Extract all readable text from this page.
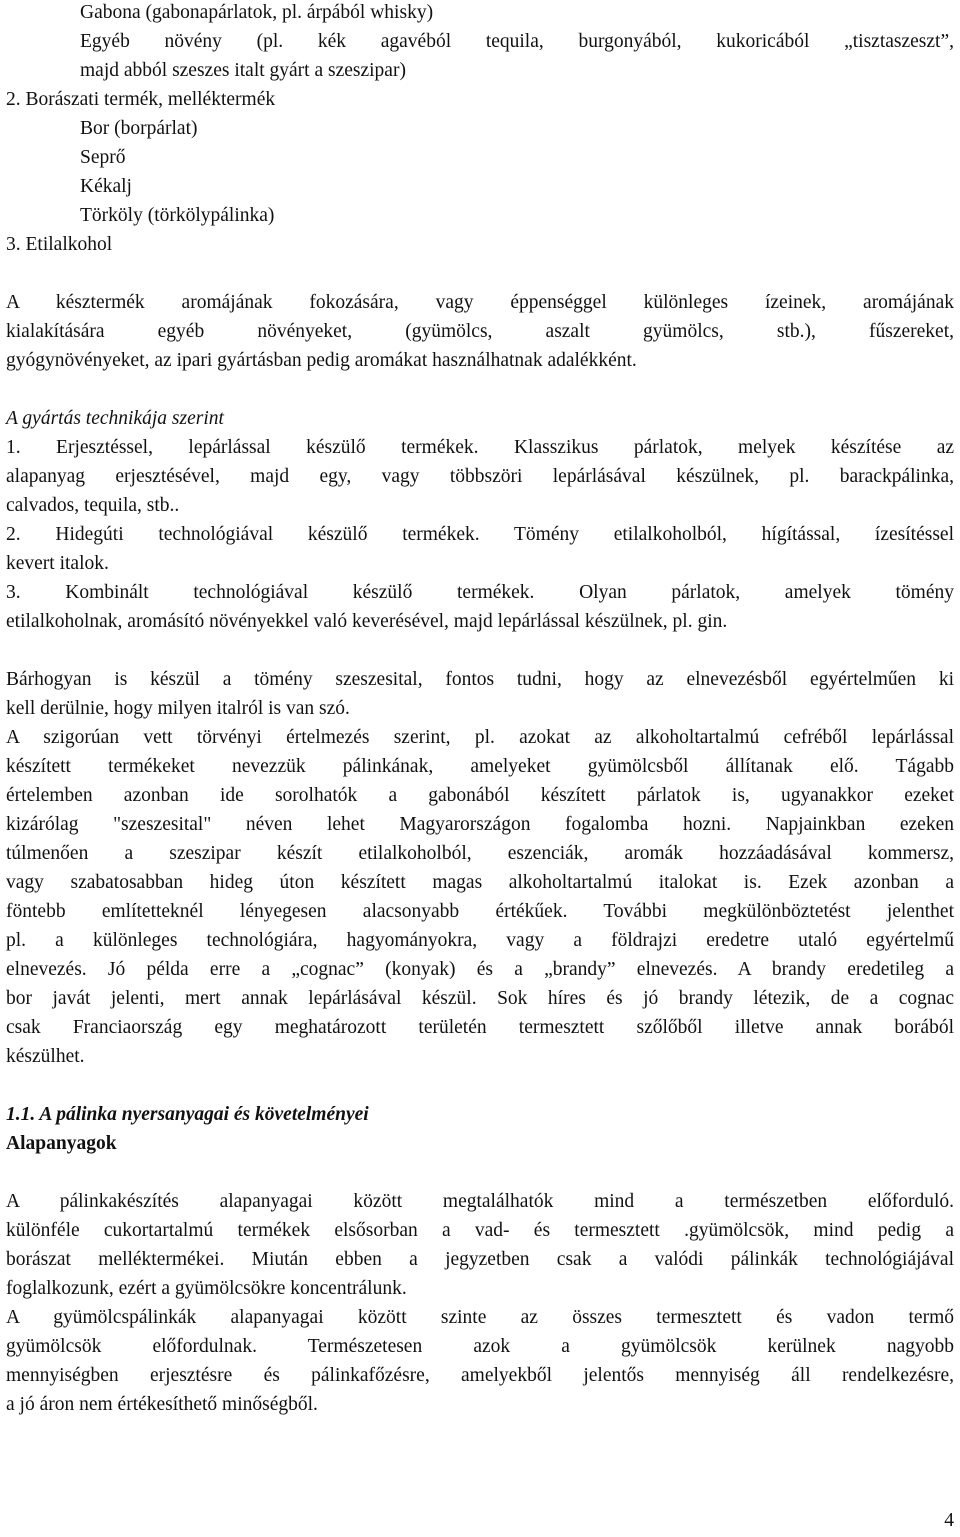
Gabona (gabonapárlatok, pl. árpából whisky)
Egyéb növény (pl. kék agavéból tequila, burgonyából, kukoricából „tisztaszeszt”,
majd abból szeszes italt gyárt a szeszipar)
2. Borászati termék, melléktermék
Bor (borpárlat)
Seprő
Kékalj
Törköly (törkölypálinka)
3. Etilalkohol
A késztermék aromájának fokozására, vagy éppenséggel különleges ízeinek, aromájának
kialakítására egyéb növényeket, (gyümölcs, aszalt gyümölcs, stb.), fűszereket,
gyógynövényeket, az ipari gyártásban pedig aromákat használhatnak adalékként.
A gyártás technikája szerint
1. Erjesztéssel, lepárlással készülő termékek. Klasszikus párlatok, melyek készítése az
alapanyag erjesztésével, majd egy, vagy többszöri lepárlásával készülnek, pl. barackpálinka,
calvados, tequila, stb..
2. Hidegúti technológiával készülő termékek. Tömény etilalkoholból, hígítással, ízesítéssel
kevert italok.
3. Kombinált technológiával készülő termékek. Olyan párlatok, amelyek tömény
etilalkoholnak, aromásító növényekkel való keverésével, majd lepárlással készülnek, pl. gin.
Bárhogyan is készül a tömény szeszesital, fontos tudni, hogy az elnevezésből egyértelműen ki
kell derülnie, hogy milyen italról is van szó.
A szigorúan vett törvényi értelmezés szerint, pl. azokat az alkoholtartalmú cefréből lepárlással
készített termékeket nevezzük pálinkának, amelyeket gyümölcsből állítanak elő. Tágabb
értelemben azonban ide sorolhatók a gabonából készített párlatok is, ugyanakkor ezeket
kizárólag "szeszesital" néven lehet Magyarországon fogalomba hozni. Napjainkban ezeken
túlmenően a szeszipar készít etilalkoholból, eszenciák, aromák hozzáadásával kommersz,
vagy szabatosabban hideg úton készített magas alkoholtartalmú italokat is. Ezek azonban a
föntebb említetteknél lényegesen alacsonyabb értékűek. További megkülönböztetést jelenthet
pl. a különleges technológiára, hagyományokra, vagy a földrajzi eredetre utaló egyértelmű
elnevezés. Jó példa erre a „cognac” (konyak) és a „brandy” elnevezés. A brandy eredetileg a
bor javát jelenti, mert annak lepárlásával készül. Sok híres és jó brandy létezik, de a cognac
csak Franciaország egy meghatározott területén termesztett szőlőből illetve annak borából
készülhet.
1.1. A pálinka nyersanyagai és követelményei
Alapanyagok
A pálinkakészítés alapanyagai között megtalálhatók mind a természetben előforduló.
különféle cukortartalmú termékek elsősorban a vad- és termesztett .gyümölcsök, mind pedig a
borászat melléktermékei. Miután ebben a jegyzetben csak a valódi pálinkák technológiájával
foglalkozunk, ezért a gyümölcsökre koncentrálunk.
A gyümölcspálinkák alapanyagai között szinte az összes termesztett és vadon termő
gyümölcsök előfordulnak. Természetesen azok a gyümölcsök kerülnek nagyobb
mennyiségben erjesztésre és pálinkafőzésre, amelyekből jelentős mennyiség áll rendelkezésre,
a jó áron nem értékesíthető minőségből.
4
